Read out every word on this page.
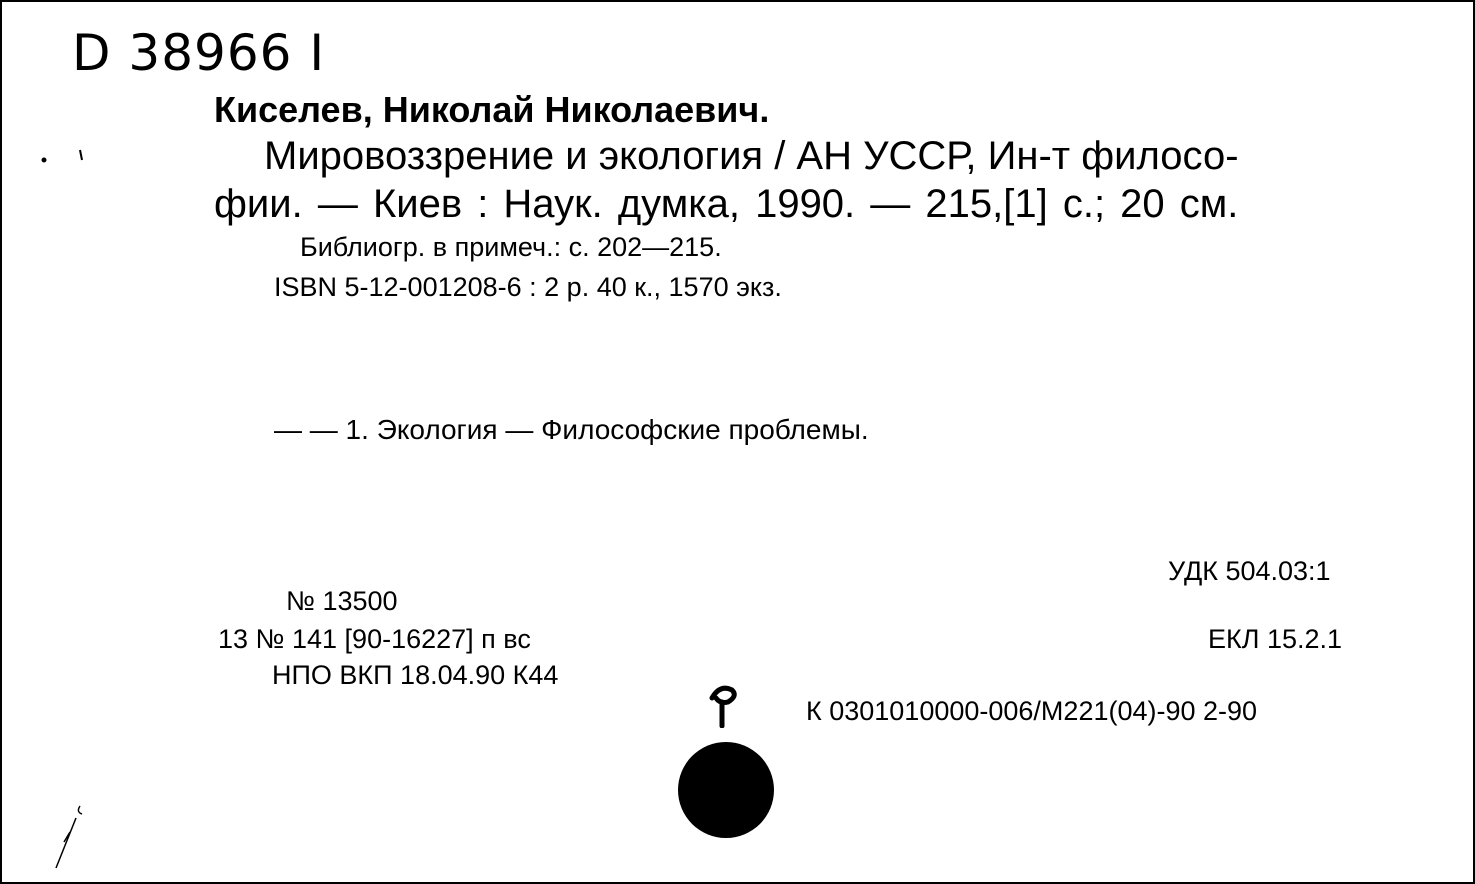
D 38966 I
Киселев, Николай Николаевич.
Мировоззрение и экология / АН УССР, Ин-т филосо-
фии. — Киев : Наук. думка, 1990. — 215,[1] с.; 20 см.
Библиогр. в примеч.: с. 202—215.
ISBN 5-12-001208-6 : 2 р. 40 к., 1570 экз.
— — 1. Экология — Философские проблемы.
№ 13500
13 № 141 [90-16227] п вс
НПО ВКП 18.04.90 К44
УДК 504.03:1
ЕКЛ 15.2.1
К 0301010000-006/М221(04)-90 2-90
